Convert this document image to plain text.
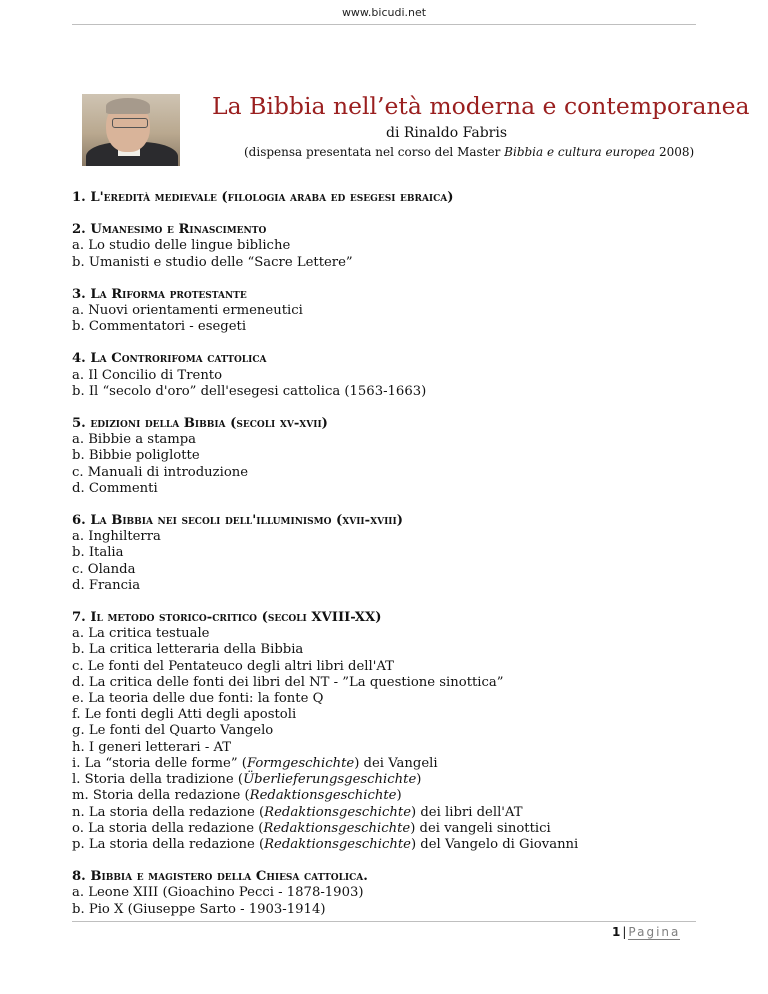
www.bicudi.net
La Bibbia nell’età moderna e contemporanea
di Rinaldo Fabris
(dispensa presentata nel corso del Master Bibbia e cultura europea 2008)
1. L'eredità medievale (filologia araba ed esegesi ebraica)
2. Umanesimo e Rinascimento
a. Lo studio delle lingue bibliche
b. Umanisti e studio delle “Sacre Lettere”
3. La Riforma protestante
a. Nuovi orientamenti ermeneutici
b. Commentatori - esegeti
4. La Controrifoma cattolica
a. Il Concilio di Trento
b. Il “secolo d'oro” dell'esegesi cattolica (1563-1663)
5. edizioni della Bibbia (secoli xv-xvii)
a. Bibbie a stampa
b. Bibbie poliglotte
c. Manuali di introduzione
d. Commenti
6. La Bibbia nei secoli dell'illuminismo (xvii-xviii)
a. Inghilterra
b. Italia
c. Olanda
d. Francia
7. Il metodo storico-critico (secoli XVIII-XX)
a. La critica testuale
b. La critica letteraria della Bibbia
c. Le fonti del Pentateuco degli altri libri dell'AT
d. La critica delle fonti dei libri del NT - ”La questione sinottica”
e. La teoria delle due fonti: la fonte Q
f. Le fonti degli Atti degli apostoli
g. Le fonti del Quarto Vangelo
h. I generi letterari - AT
i. La “storia delle forme” (Formgeschichte) dei Vangeli
l. Storia della tradizione (Überlieferungsgeschichte)
m. Storia della redazione (Redaktionsgeschichte)
n. La storia della redazione (Redaktionsgeschichte) dei libri dell'AT
o. La storia della redazione (Redaktionsgeschichte) dei vangeli sinottici
p. La storia della redazione (Redaktionsgeschichte) del Vangelo di Giovanni
8. Bibbia e magistero della Chiesa cattolica.
a. Leone XIII (Gioachino Pecci - 1878-1903)
b. Pio X (Giuseppe Sarto - 1903-1914)
1 | Pagina
